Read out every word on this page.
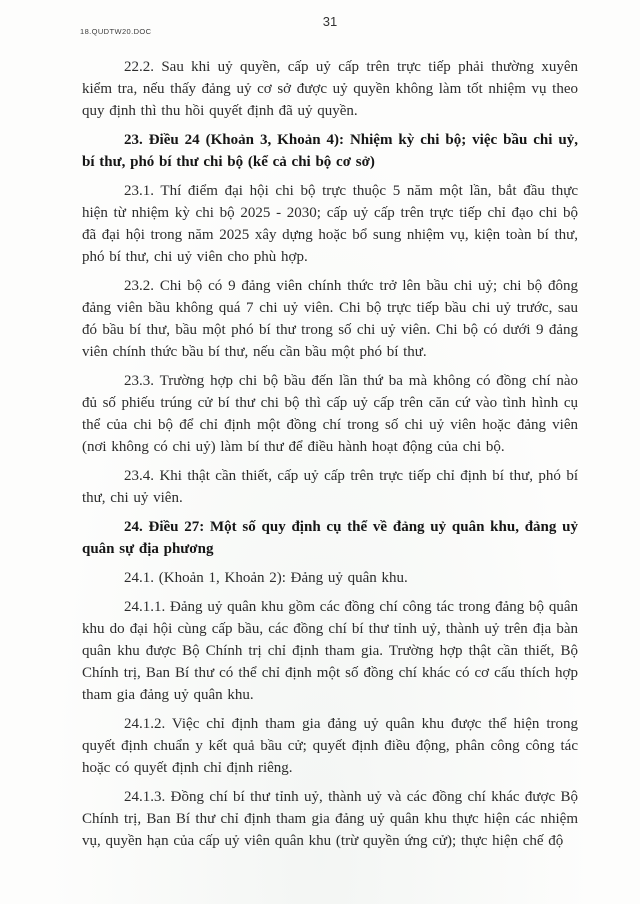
18.QUDTW20.DOC
31

22.2. Sau khi uỷ quyền, cấp uỷ cấp trên trực tiếp phải thường xuyên kiểm tra, nếu thấy đảng uỷ cơ sở được uỷ quyền không làm tốt nhiệm vụ theo quy định thì thu hồi quyết định đã uỷ quyền.

23. Điều 24 (Khoản 3, Khoản 4): Nhiệm kỳ chi bộ; việc bầu chi uỷ, bí thư, phó bí thư chi bộ (kể cả chi bộ cơ sở)

23.1. Thí điểm đại hội chi bộ trực thuộc 5 năm một lần, bắt đầu thực hiện từ nhiệm kỳ chi bộ 2025 - 2030; cấp uỷ cấp trên trực tiếp chỉ đạo chi bộ đã đại hội trong năm 2025 xây dựng hoặc bổ sung nhiệm vụ, kiện toàn bí thư, phó bí thư, chi uỷ viên cho phù hợp.

23.2. Chi bộ có 9 đảng viên chính thức trở lên bầu chi uỷ; chi bộ đông đảng viên bầu không quá 7 chi uỷ viên. Chi bộ trực tiếp bầu chi uỷ trước, sau đó bầu bí thư, bầu một phó bí thư trong số chi uỷ viên. Chi bộ có dưới 9 đảng viên chính thức bầu bí thư, nếu cần bầu một phó bí thư.

23.3. Trường hợp chi bộ bầu đến lần thứ ba mà không có đồng chí nào đủ số phiếu trúng cử bí thư chi bộ thì cấp uỷ cấp trên căn cứ vào tình hình cụ thể của chi bộ để chỉ định một đồng chí trong số chi uỷ viên hoặc đảng viên (nơi không có chi uỷ) làm bí thư để điều hành hoạt động của chi bộ.

23.4. Khi thật cần thiết, cấp uỷ cấp trên trực tiếp chỉ định bí thư, phó bí thư, chi uỷ viên.

24. Điều 27: Một số quy định cụ thể về đảng uỷ quân khu, đảng uỷ quân sự địa phương

24.1. (Khoản 1, Khoản 2): Đảng uỷ quân khu.

24.1.1. Đảng uỷ quân khu gồm các đồng chí công tác trong đảng bộ quân khu do đại hội cùng cấp bầu, các đồng chí bí thư tỉnh uỷ, thành uỷ trên địa bàn quân khu được Bộ Chính trị chỉ định tham gia. Trường hợp thật cần thiết, Bộ Chính trị, Ban Bí thư có thể chỉ định một số đồng chí khác có cơ cấu thích hợp tham gia đảng uỷ quân khu.

24.1.2. Việc chỉ định tham gia đảng uỷ quân khu được thể hiện trong quyết định chuẩn y kết quả bầu cử; quyết định điều động, phân công công tác hoặc có quyết định chỉ định riêng.

24.1.3. Đồng chí bí thư tỉnh uỷ, thành uỷ và các đồng chí khác được Bộ Chính trị, Ban Bí thư chỉ định tham gia đảng uỷ quân khu thực hiện các nhiệm vụ, quyền hạn của cấp uỷ viên quân khu (trừ quyền ứng cử); thực hiện chế độ
